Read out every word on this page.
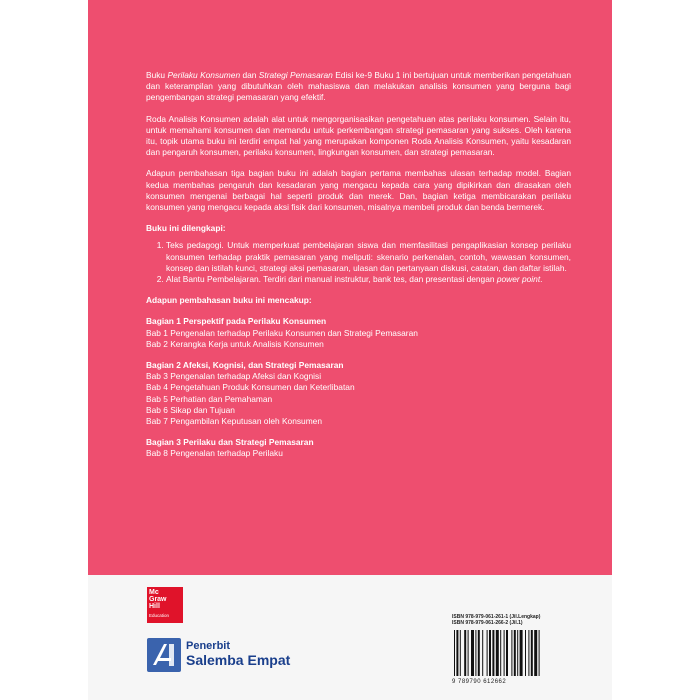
Buku Perilaku Konsumen dan Strategi Pemasaran Edisi ke-9 Buku 1 ini bertujuan untuk memberikan pengetahuan dan keterampilan yang dibutuhkan oleh mahasiswa dan melakukan analisis konsumen yang berguna bagi pengembangan strategi pemasaran yang efektif.

Roda Analisis Konsumen adalah alat untuk mengorganisasikan pengetahuan atas perilaku konsumen. Selain itu, untuk memahami konsumen dan memandu untuk perkembangan strategi pemasaran yang sukses. Oleh karena itu, topik utama buku ini terdiri empat hal yang merupakan komponen Roda Analisis Konsumen, yaitu kesadaran dan pengaruh konsumen, perilaku konsumen, lingkungan konsumen, dan strategi pemasaran.

Adapun pembahasan tiga bagian buku ini adalah bagian pertama membahas ulasan terhadap model. Bagian kedua membahas pengaruh dan kesadaran yang mengacu kepada cara yang dipikirkan dan dirasakan oleh konsumen mengenai berbagai hal seperti produk dan merek. Dan, bagian ketiga membicarakan perilaku konsumen yang mengacu kepada aksi fisik dari konsumen, misalnya membeli produk dan benda bermerek.

Buku ini dilengkapi:
1. Teks pedagogi. Untuk memperkuat pembelajaran siswa dan memfasilitasi pengaplikasian konsep perilaku konsumen terhadap praktik pemasaran yang meliputi: skenario perkenalan, contoh, wawasan konsumen, konsep dan istilah kunci, strategi aksi pemasaran, ulasan dan pertanyaan diskusi, catatan, dan daftar istilah.
2. Alat Bantu Pembelajaran. Terdiri dari manual instruktur, bank tes, dan presentasi dengan power point.

Adapun pembahasan buku ini mencakup:

Bagian 1 Perspektif pada Perilaku Konsumen
Bab 1 Pengenalan terhadap Perilaku Konsumen dan Strategi Pemasaran
Bab 2 Kerangka Kerja untuk Analisis Konsumen
Bagian 2 Afeksi, Kognisi, dan Strategi Pemasaran
Bab 3 Pengenalan terhadap Afeksi dan Kognisi
Bab 4 Pengetahuan Produk Konsumen dan Keterlibatan
Bab 5 Perhatian dan Pemahaman
Bab 6 Sikap dan Tujuan
Bab 7 Pengambilan Keputusan oleh Konsumen
Bagian 3 Perilaku dan Strategi Pemasaran
Bab 8 Pengenalan terhadap Perilaku
Mc
Graw
Hill
Education
Penerbit
Salemba Empat
ISBN 978-979-061-261-1 (Jil.Lengkap)
ISBN 978-979-061-266-2 (Jil.1)
9 789790 612662
